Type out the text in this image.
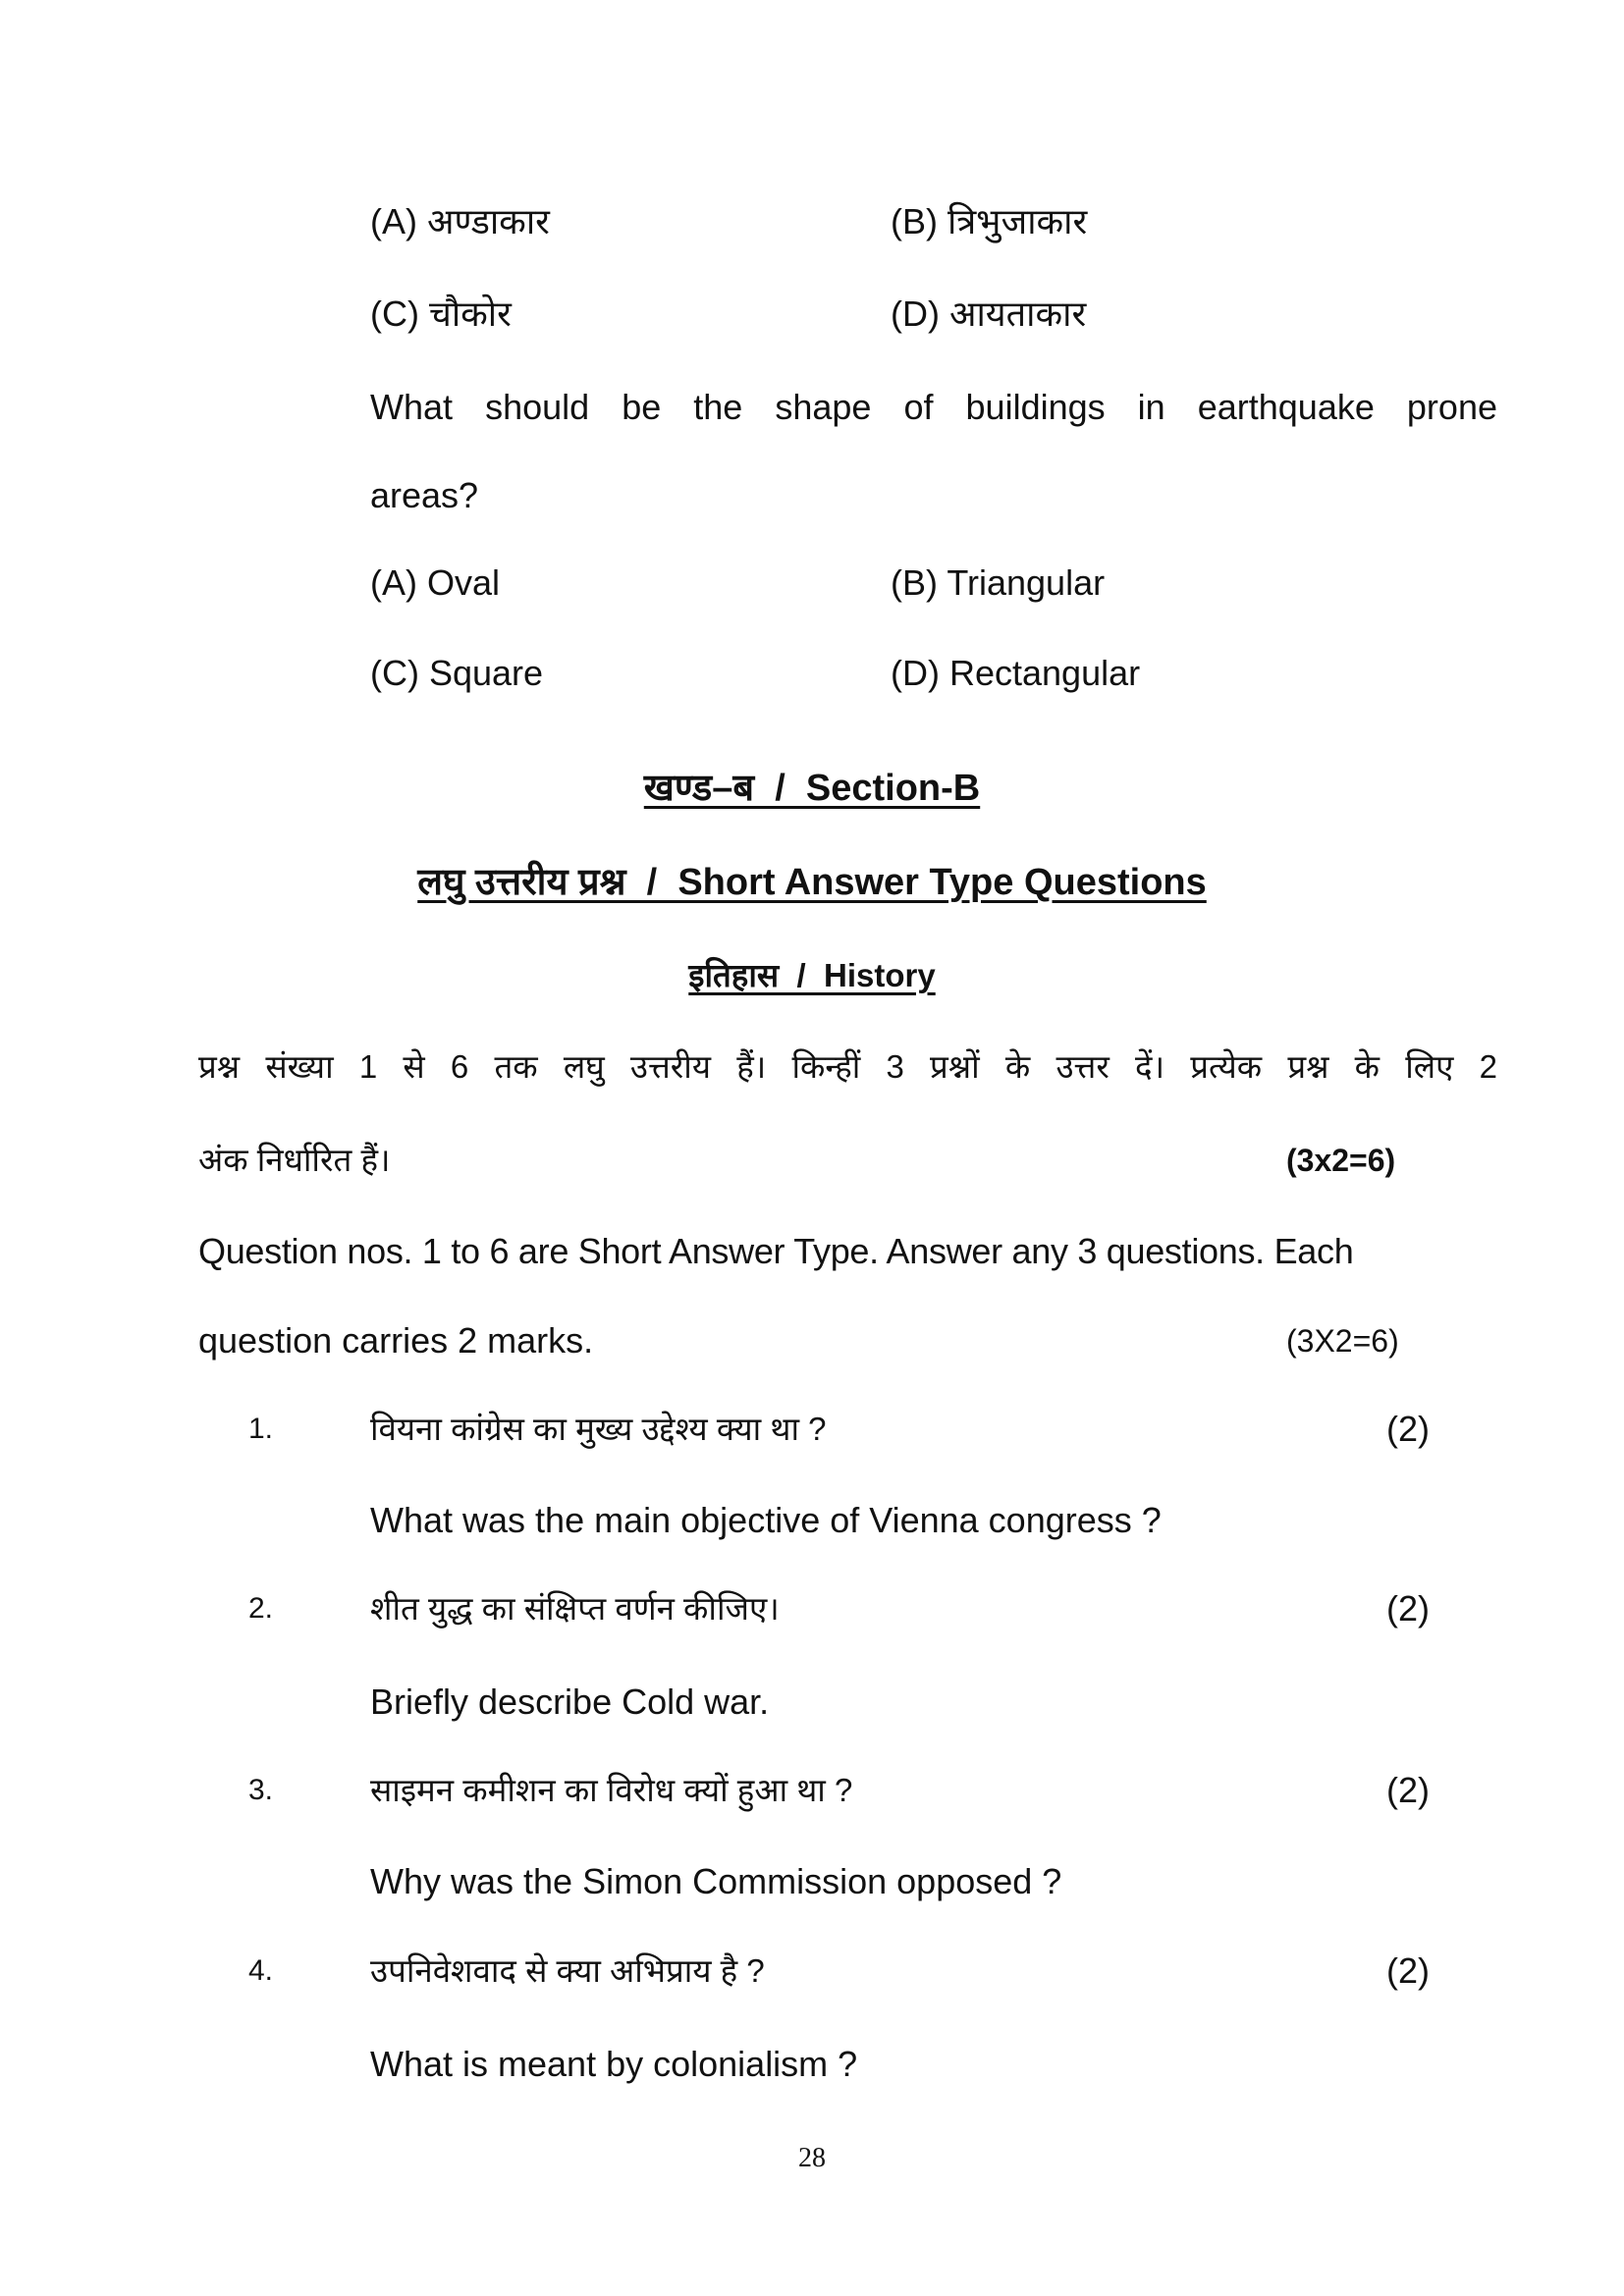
(A) अण्डाकार	(B) त्रिभुजाकार
(C) चौकोर	(D) आयताकार
What should be the shape of buildings in earthquake prone
areas?
(A) Oval	(B) Triangular
(C) Square	(D) Rectangular
खण्ड–ब  /  Section-B
लघु उत्तरीय प्रश्न  /  Short Answer Type Questions
इतिहास  /  History
प्रश्न संख्या 1 से 6 तक लघु उत्तरीय हैं। किन्हीं 3 प्रश्नों के उत्तर दें। प्रत्येक प्रश्न के लिए 2
अंक निर्धारित हैं।	(3x2=6)
Question nos. 1 to 6 are Short Answer Type. Answer any 3 questions. Each
question carries 2 marks.	(3X2=6)
1.	वियना कांग्रेस का मुख्य उद्देश्य क्या था ?	(2)
What was the main objective of Vienna congress ?
2.	शीत युद्ध का संक्षिप्त वर्णन कीजिए।	(2)
Briefly describe Cold war.
3.	साइमन कमीशन का विरोध क्यों हुआ था ?	(2)
Why was the Simon Commission opposed ?
4.	उपनिवेशवाद से क्या अभिप्राय है ?	(2)
What is meant by colonialism ?
28
